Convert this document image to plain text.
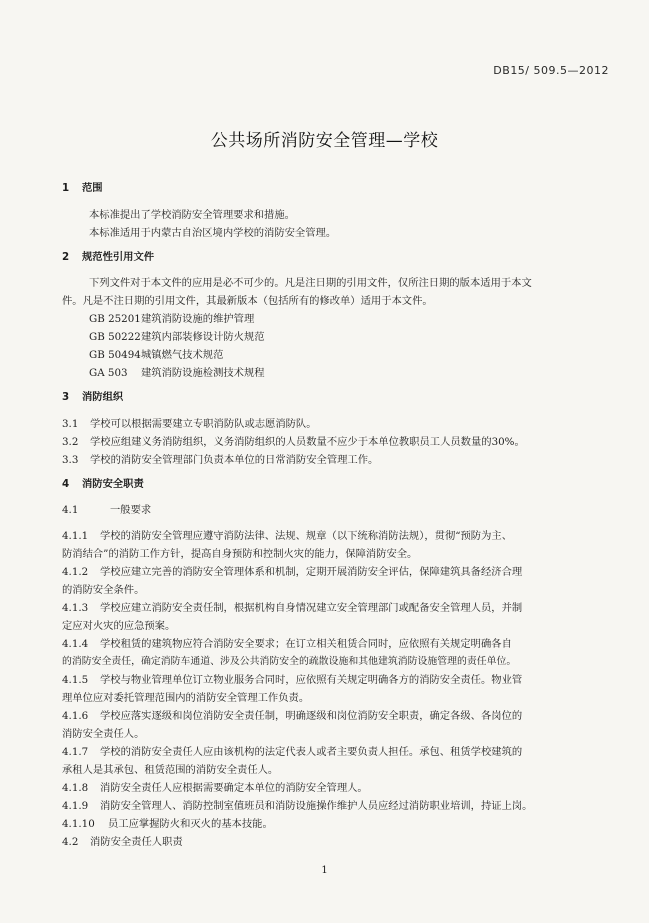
DB15/ 509.5—2012
公共场所消防安全管理—学校
1 范围
本标准提出了学校消防安全管理要求和措施。
本标准适用于内蒙古自治区境内学校的消防安全管理。
2 规范性引用文件
下列文件对于本文件的应用是必不可少的。凡是注日期的引用文件，仅所注日期的版本适用于本文
件。凡是不注日期的引用文件，其最新版本（包括所有的修改单）适用于本文件。
GB 25201建筑消防设施的维护管理
GB 50222建筑内部装修设计防火规范
GB 50494城镇燃气技术规范
GA 503 建筑消防设施检测技术规程
3 消防组织
3.1 学校可以根据需要建立专职消防队或志愿消防队。
3.2 学校应组建义务消防组织，义务消防组织的人员数量不应少于本单位教职员工人员数量的30%。
3.3 学校的消防安全管理部门负责本单位的日常消防安全管理工作。
4 消防安全职责
4.1	一般要求
4.1.1 学校的消防安全管理应遵守消防法律、法规、规章（以下统称消防法规），贯彻“预防为主、
防消结合”的消防工作方针，提高自身预防和控制火灾的能力，保障消防安全。
4.1.2 学校应建立完善的消防安全管理体系和机制，定期开展消防安全评估，保障建筑具备经济合理
的消防安全条件。
4.1.3 学校应建立消防安全责任制，根据机构自身情况建立安全管理部门或配备安全管理人员，并制
定应对火灾的应急预案。
4.1.4 学校租赁的建筑物应符合消防安全要求；在订立相关租赁合同时，应依照有关规定明确各自
的消防安全责任，确定消防车通道、涉及公共消防安全的疏散设施和其他建筑消防设施管理的责任单位。
4.1.5 学校与物业管理单位订立物业服务合同时，应依照有关规定明确各方的消防安全责任。物业管
理单位应对委托管理范围内的消防安全管理工作负责。
4.1.6 学校应落实逐级和岗位消防安全责任制，明确逐级和岗位消防安全职责，确定各级、各岗位的
消防安全责任人。
4.1.7 学校的消防安全责任人应由该机构的法定代表人或者主要负责人担任。承包、租赁学校建筑的
承租人是其承包、租赁范围的消防安全责任人。
4.1.8 消防安全责任人应根据需要确定本单位的消防安全管理人。
4.1.9 消防安全管理人、消防控制室值班员和消防设施操作维护人员应经过消防职业培训，持证上岗。
4.1.10 员工应掌握防火和灭火的基本技能。
4.2 消防安全责任人职责
1
